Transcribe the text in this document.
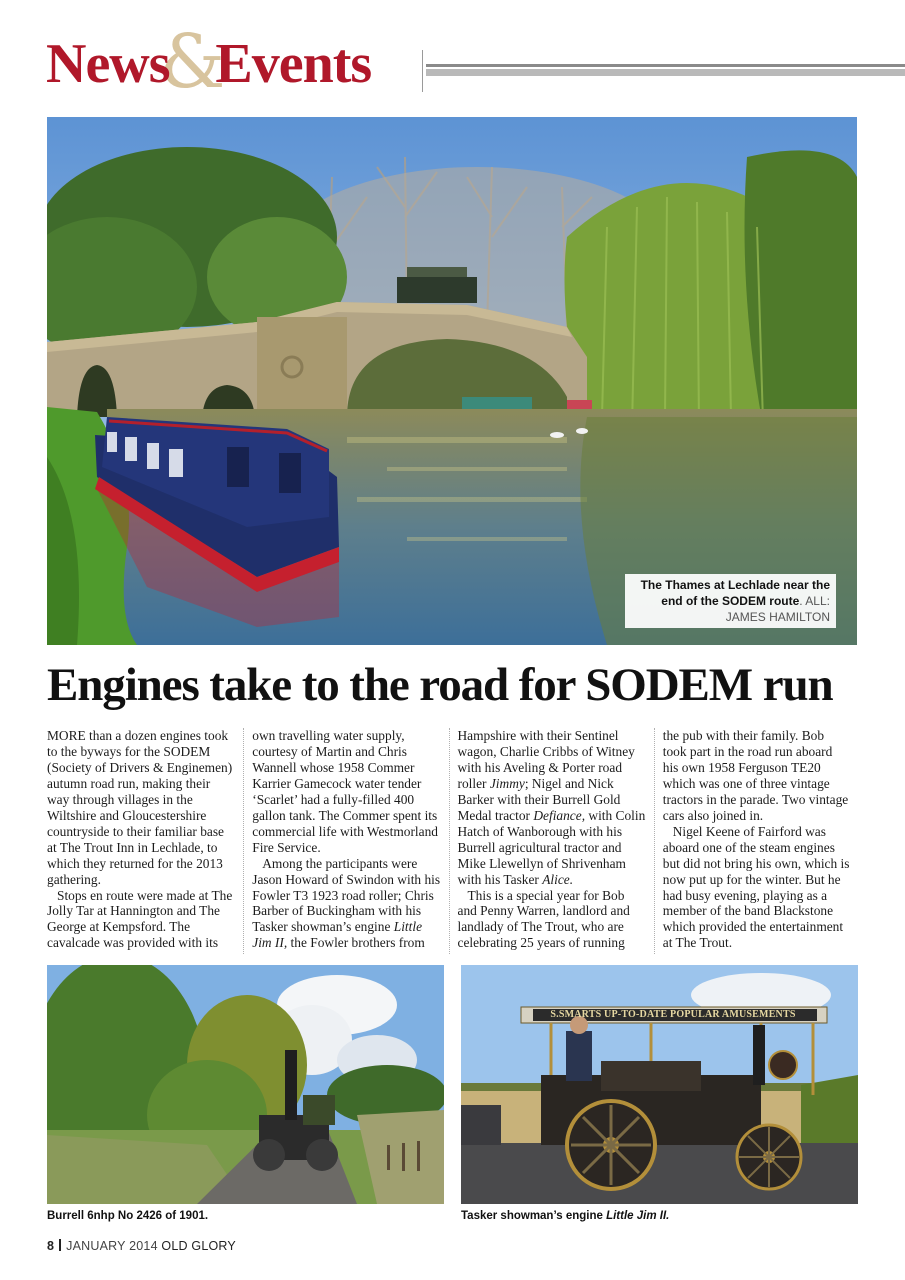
News
&
Events
The Thames at Lechlade near the end of the SODEM route. ALL: JAMES HAMILTON
Engines take to the road for SODEM run

MORE than a dozen engines took to the byways for the SODEM (Society of Drivers & Enginemen) autumn road run, making their way through villages in the Wiltshire and Gloucestershire countryside to their familiar base at The Trout Inn in Lechlade, to which they returned for the 2013 gathering.

Stops en route were made at The Jolly Tar at Hannington and The George at Kempsford. The cavalcade was provided with its

own travelling water supply, courtesy of Martin and Chris Wannell whose 1958 Commer Karrier Gamecock water tender ‘Scarlet’ had a fully-filled 400 gallon tank. The Commer spent its commercial life with Westmorland Fire Service.

Among the participants were Jason Howard of Swindon with his Fowler T3 1923 road roller; Chris Barber of Buckingham with his Tasker showman’s engine Little Jim II, the Fowler brothers from

Hampshire with their Sentinel wagon, Charlie Cribbs of Witney with his Aveling & Porter road roller Jimmy; Nigel and Nick Barker with their Burrell Gold Medal tractor Defiance, with Colin Hatch of Wanborough with his Burrell agricultural tractor and Mike Llewellyn of Shrivenham with his Tasker Alice.

This is a special year for Bob and Penny Warren, landlord and landlady of The Trout, who are celebrating 25 years of running

the pub with their family. Bob took part in the road run aboard his own 1958 Ferguson TE20 which was one of three vintage tractors in the parade. Two vintage cars also joined in.

Nigel Keene of Fairford was aboard one of the steam engines but did not bring his own, which is now put up for the winter. But he had busy evening, playing as a member of the band Blackstone which provided the entertainment at The Trout.

Burrell 6nhp No 2426 of 1901.
S.SMARTS UP-TO-DATE POPULAR AMUSEMENTS
Tasker showman’s engine Little Jim II.
8 JANUARY 2014 OLD GLORY
